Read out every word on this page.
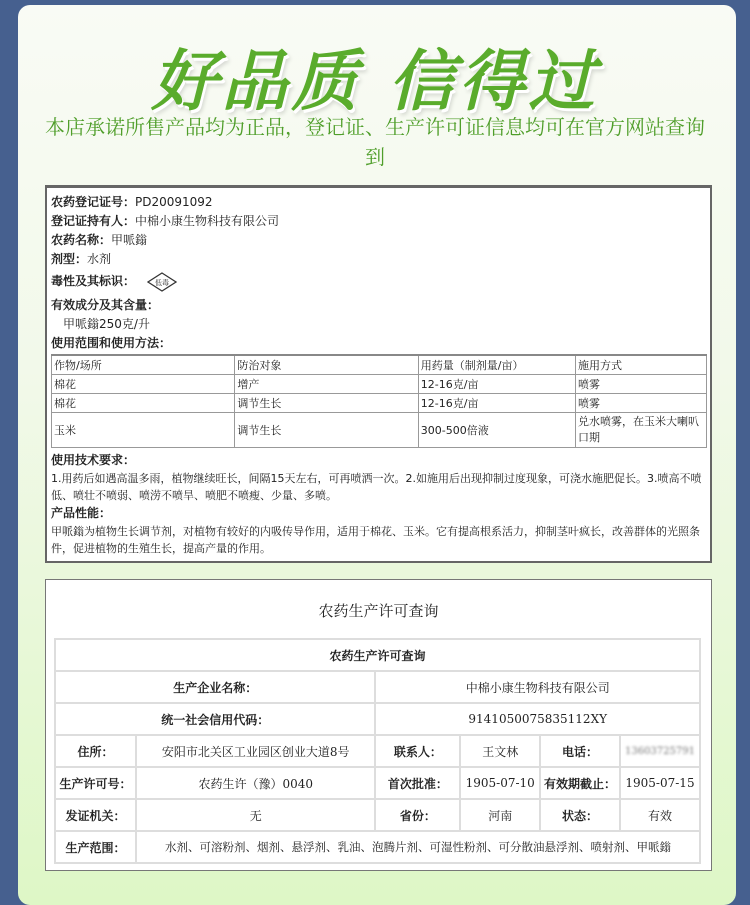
好品质 信得过
本店承诺所售产品均为正品，登记证、生产许可证信息均可在官方网站查询到
农药登记证号：PD20091092
登记证持有人：中棉小康生物科技有限公司
农药名称：甲哌鎓
剂型：水剂
毒性及其标识：	低毒
有效成分及其含量：
甲哌鎓250克/升
使用范围和使用方法：
作物/场所	防治对象	用药量（制剂量/亩）	施用方式
棉花	增产	12-16克/亩	喷雾
棉花	调节生长	12-16克/亩	喷雾
玉米	调节生长	300-500倍液	兑水喷雾，在玉米大喇叭口期
使用技术要求：
1.用药后如遇高温多雨，植物继续旺长，间隔15天左右，可再喷洒一次。2.如施用后出现抑制过度现象，可浇水施肥促长。3.喷高不喷低、喷壮不喷弱、喷涝不喷旱、喷肥不喷瘦、少量、多喷。
产品性能：
甲哌鎓为植物生长调节剂，对植物有较好的内吸传导作用，适用于棉花、玉米。它有提高根系活力，抑制茎叶疯长，改善群体的光照条件，促进植物的生殖生长，提高产量的作用。
农药生产许可查询
农药生产许可查询					
生产企业名称：		中棉小康生物科技有限公司			
统一社会信用代码：		9141050075835112XY			
住所：	安阳市北关区工业园区创业大道8号	联系人：	王文林	电话：	13603725791
生产许可号：	农药生许（豫）0040	首次批准：	1905-07-10	有效期截止：	1905-07-15
发证机关：	无	省份：	河南	状态：	有效
生产范围：	水剂、可溶粉剂、烟剂、悬浮剂、乳油、泡腾片剂、可湿性粉剂、可分散油悬浮剂、喷射剂、甲哌鎓				
